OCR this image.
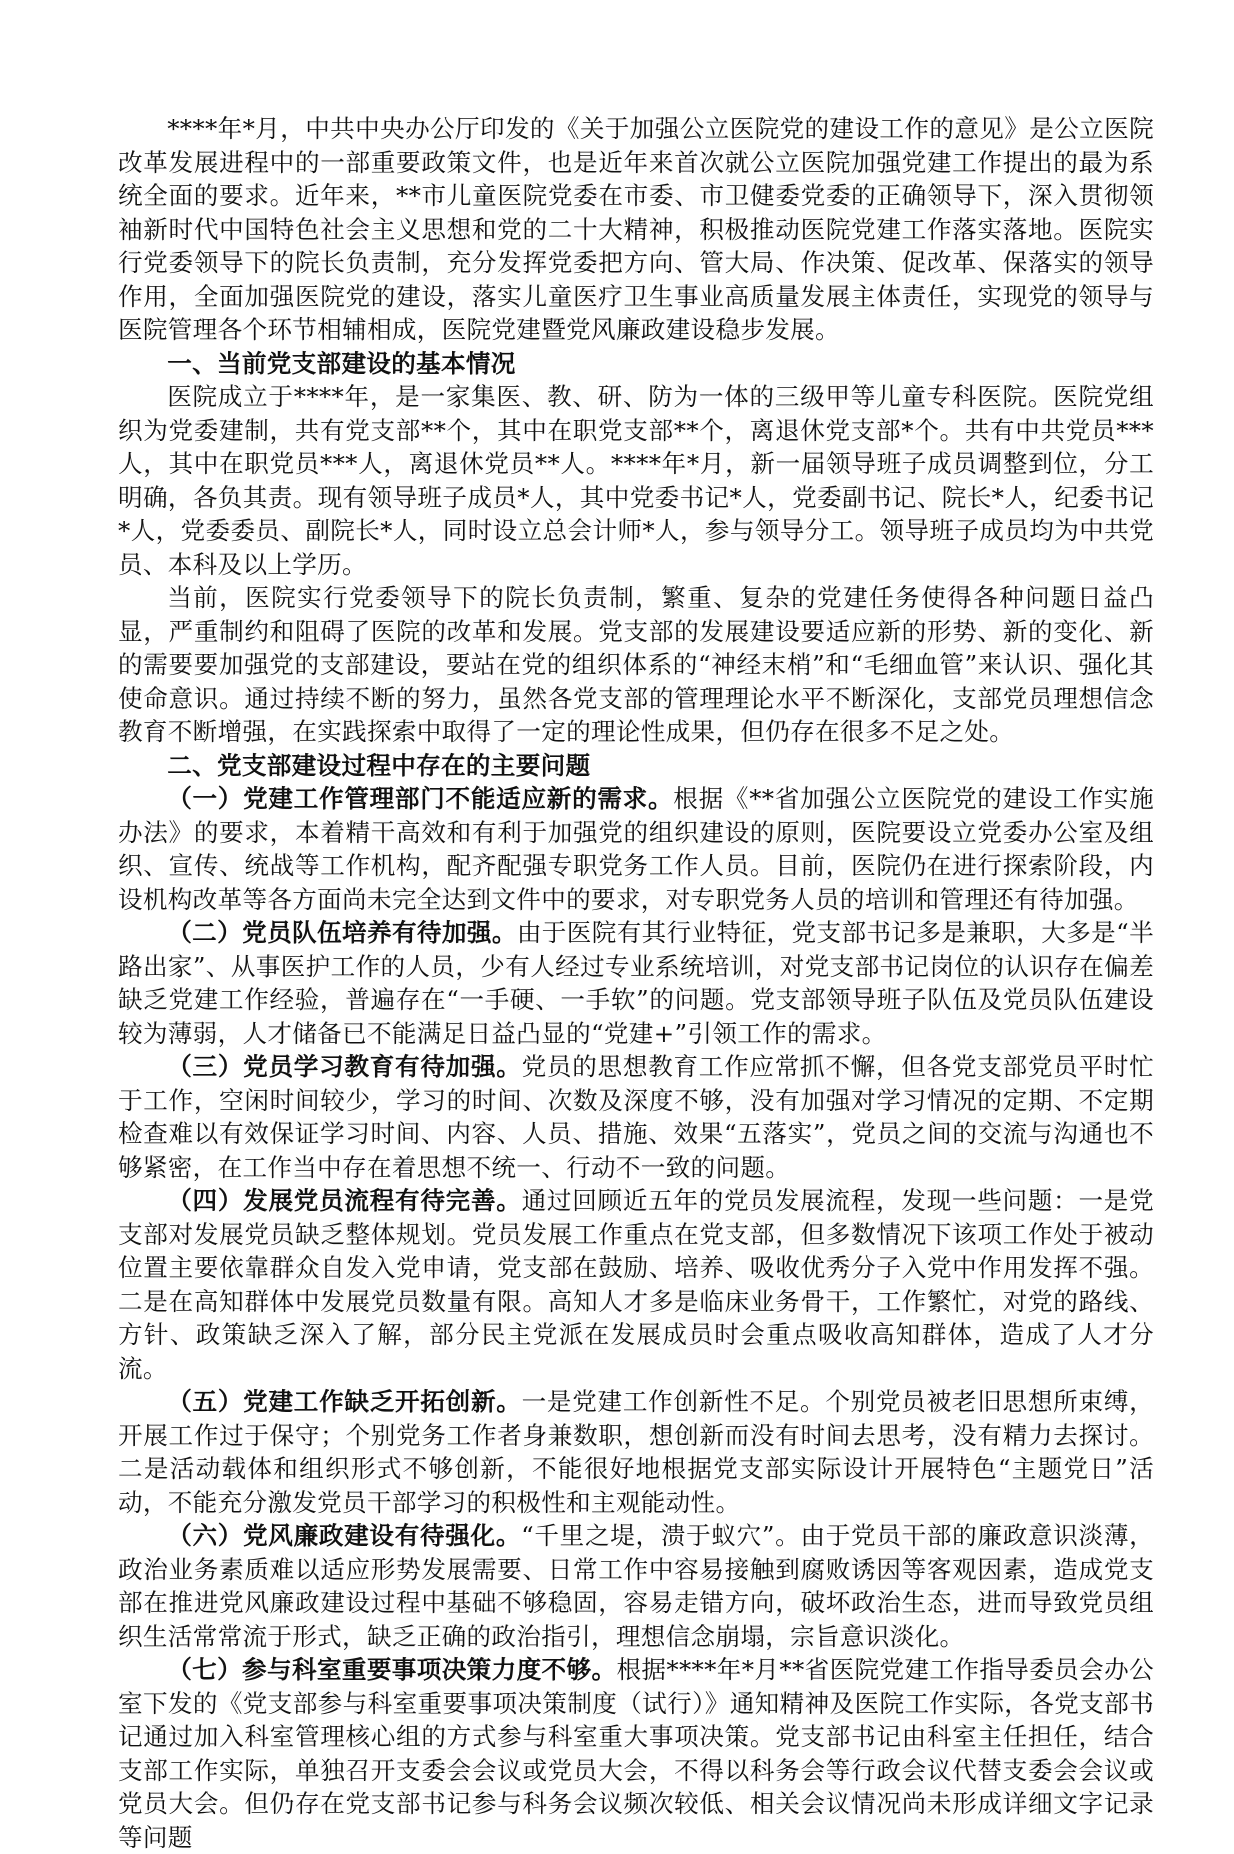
****年*月，中共中央办公厅印发的《关于加强公立医院党的建设工作的意见》是公立医院改革发展进程中的一部重要政策文件，也是近年来首次就公立医院加强党建工作提出的最为系统全面的要求。近年来，**市儿童医院党委在市委、市卫健委党委的正确领导下，深入贯彻领袖新时代中国特色社会主义思想和党的二十大精神，积极推动医院党建工作落实落地。医院实行党委领导下的院长负责制，充分发挥党委把方向、管大局、作决策、促改革、保落实的领导作用，全面加强医院党的建设，落实儿童医疗卫生事业高质量发展主体责任，实现党的领导与医院管理各个环节相辅相成，医院党建暨党风廉政建设稳步发展。

一、当前党支部建设的基本情况

医院成立于****年，是一家集医、教、研、防为一体的三级甲等儿童专科医院。医院党组织为党委建制，共有党支部**个，其中在职党支部**个，离退休党支部*个。共有中共党员***人，其中在职党员***人，离退休党员**人。****年*月，新一届领导班子成员调整到位，分工明确，各负其责。现有领导班子成员*人，其中党委书记*人，党委副书记、院长*人，纪委书记*人，党委委员、副院长*人，同时设立总会计师*人，参与领导分工。领导班子成员均为中共党员、本科及以上学历。

当前，医院实行党委领导下的院长负责制，繁重、复杂的党建任务使得各种问题日益凸显，严重制约和阻碍了医院的改革和发展。党支部的发展建设要适应新的形势、新的变化、新的需要要加强党的支部建设，要站在党的组织体系的“神经末梢”和“毛细血管”来认识、强化其使命意识。通过持续不断的努力，虽然各党支部的管理理论水平不断深化，支部党员理想信念教育不断增强，在实践探索中取得了一定的理论性成果，但仍存在很多不足之处。

二、党支部建设过程中存在的主要问题

（一）党建工作管理部门不能适应新的需求。根据《**省加强公立医院党的建设工作实施办法》的要求，本着精干高效和有利于加强党的组织建设的原则，医院要设立党委办公室及组织、宣传、统战等工作机构，配齐配强专职党务工作人员。目前，医院仍在进行探索阶段，内设机构改革等各方面尚未完全达到文件中的要求，对专职党务人员的培训和管理还有待加强。

（二）党员队伍培养有待加强。由于医院有其行业特征，党支部书记多是兼职，大多是“半路出家”、从事医护工作的人员，少有人经过专业系统培训，对党支部书记岗位的认识存在偏差缺乏党建工作经验，普遍存在“一手硬、一手软”的问题。党支部领导班子队伍及党员队伍建设较为薄弱，人才储备已不能满足日益凸显的“党建+”引领工作的需求。

（三）党员学习教育有待加强。党员的思想教育工作应常抓不懈，但各党支部党员平时忙于工作，空闲时间较少，学习的时间、次数及深度不够，没有加强对学习情况的定期、不定期检查难以有效保证学习时间、内容、人员、措施、效果“五落实”，党员之间的交流与沟通也不够紧密，在工作当中存在着思想不统一、行动不一致的问题。

（四）发展党员流程有待完善。通过回顾近五年的党员发展流程，发现一些问题：一是党支部对发展党员缺乏整体规划。党员发展工作重点在党支部，但多数情况下该项工作处于被动位置主要依靠群众自发入党申请，党支部在鼓励、培养、吸收优秀分子入党中作用发挥不强。二是在高知群体中发展党员数量有限。高知人才多是临床业务骨干，工作繁忙，对党的路线、方针、政策缺乏深入了解，部分民主党派在发展成员时会重点吸收高知群体，造成了人才分流。

（五）党建工作缺乏开拓创新。一是党建工作创新性不足。个别党员被老旧思想所束缚，开展工作过于保守；个别党务工作者身兼数职，想创新而没有时间去思考，没有精力去探讨。二是活动载体和组织形式不够创新，不能很好地根据党支部实际设计开展特色“主题党日”活动，不能充分激发党员干部学习的积极性和主观能动性。

（六）党风廉政建设有待强化。“千里之堤，溃于蚁穴”。由于党员干部的廉政意识淡薄，政治业务素质难以适应形势发展需要、日常工作中容易接触到腐败诱因等客观因素，造成党支部在推进党风廉政建设过程中基础不够稳固，容易走错方向，破坏政治生态，进而导致党员组织生活常常流于形式，缺乏正确的政治指引，理想信念崩塌，宗旨意识淡化。

（七）参与科室重要事项决策力度不够。根据****年*月**省医院党建工作指导委员会办公室下发的《党支部参与科室重要事项决策制度（试行）》通知精神及医院工作实际，各党支部书记通过加入科室管理核心组的方式参与科室重大事项决策。党支部书记由科室主任担任，结合支部工作实际，单独召开支委会会议或党员大会，不得以科务会等行政会议代替支委会会议或党员大会。但仍存在党支部书记参与科务会议频次较低、相关会议情况尚未形成详细文字记录等问题
